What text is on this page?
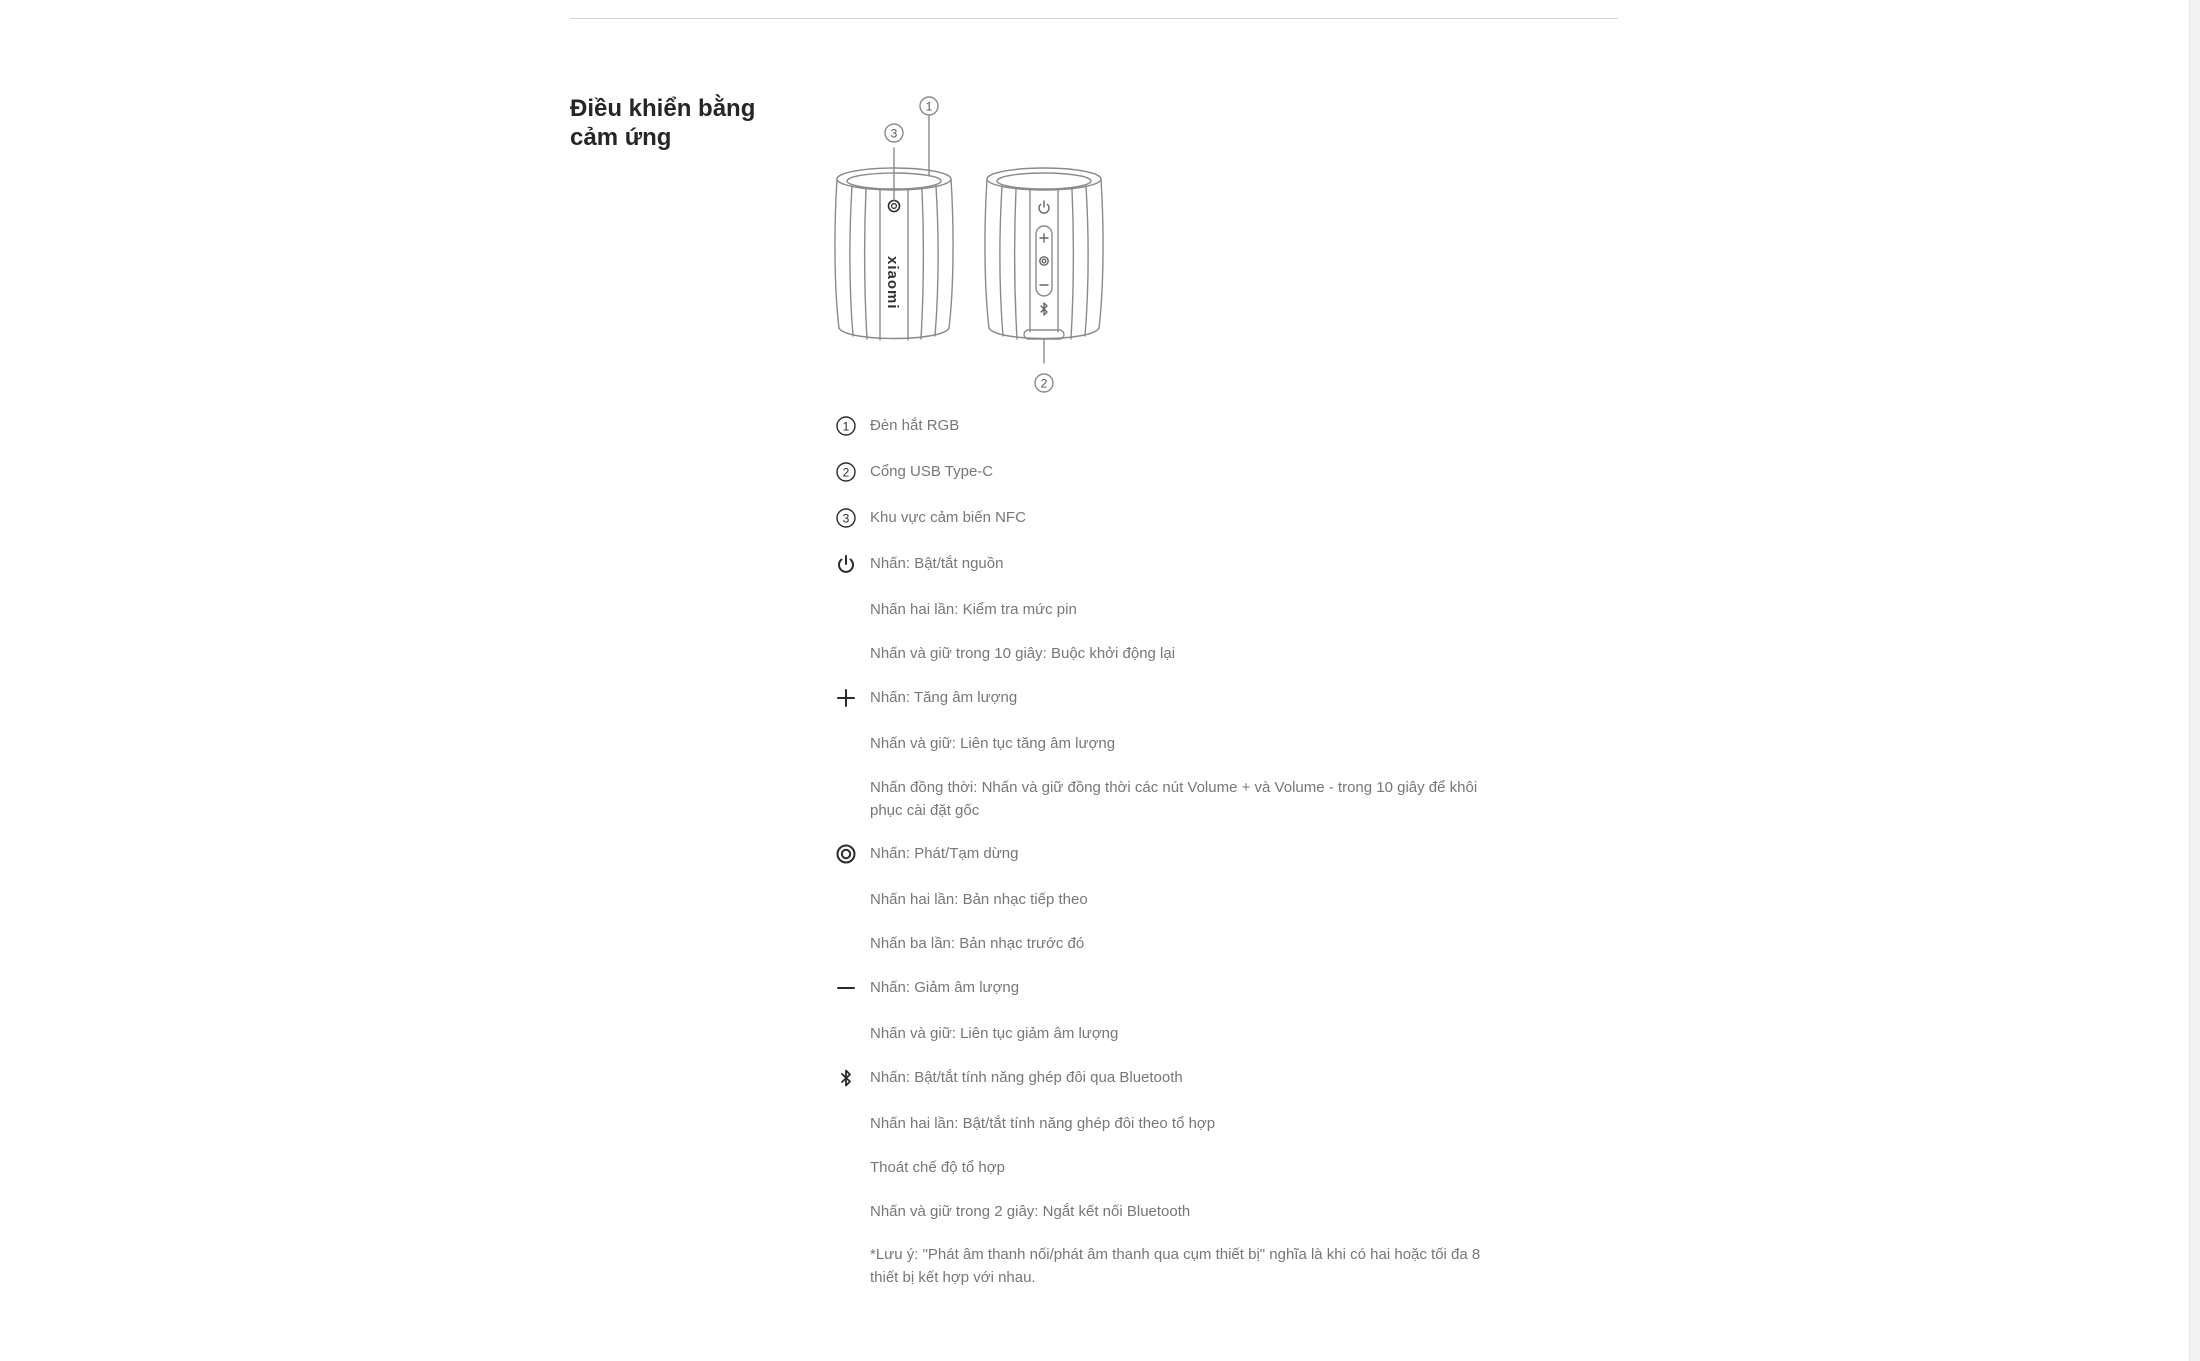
Điều khiển bằng cảm ứng	3
1
xiaomi
2
1 Đèn hắt RGB
2 Cổng USB Type-C
3 Khu vực cảm biến NFC
Nhấn: Bật/tắt nguồn
Nhấn hai lần: Kiểm tra mức pin
Nhấn và giữ trong 10 giây: Buộc khởi động lại
Nhấn: Tăng âm lượng
Nhấn và giữ: Liên tục tăng âm lượng
Nhấn đồng thời: Nhấn và giữ đồng thời các nút Volume + và Volume - trong 10 giây để khôi phục cài đặt gốc
Nhấn: Phát/Tạm dừng
Nhấn hai lần: Bản nhạc tiếp theo
Nhấn ba lần: Bản nhạc trước đó
Nhấn: Giảm âm lượng
Nhấn và giữ: Liên tục giảm âm lượng
Nhấn: Bật/tắt tính năng ghép đôi qua Bluetooth
Nhấn hai lần: Bật/tắt tính năng ghép đôi theo tổ hợp
Thoát chế độ tổ hợp
Nhấn và giữ trong 2 giây: Ngắt kết nối Bluetooth
*Lưu ý: "Phát âm thanh nối/phát âm thanh qua cụm thiết bị" nghĩa là khi có hai hoặc tối đa 8 thiết bị kết hợp với nhau.
